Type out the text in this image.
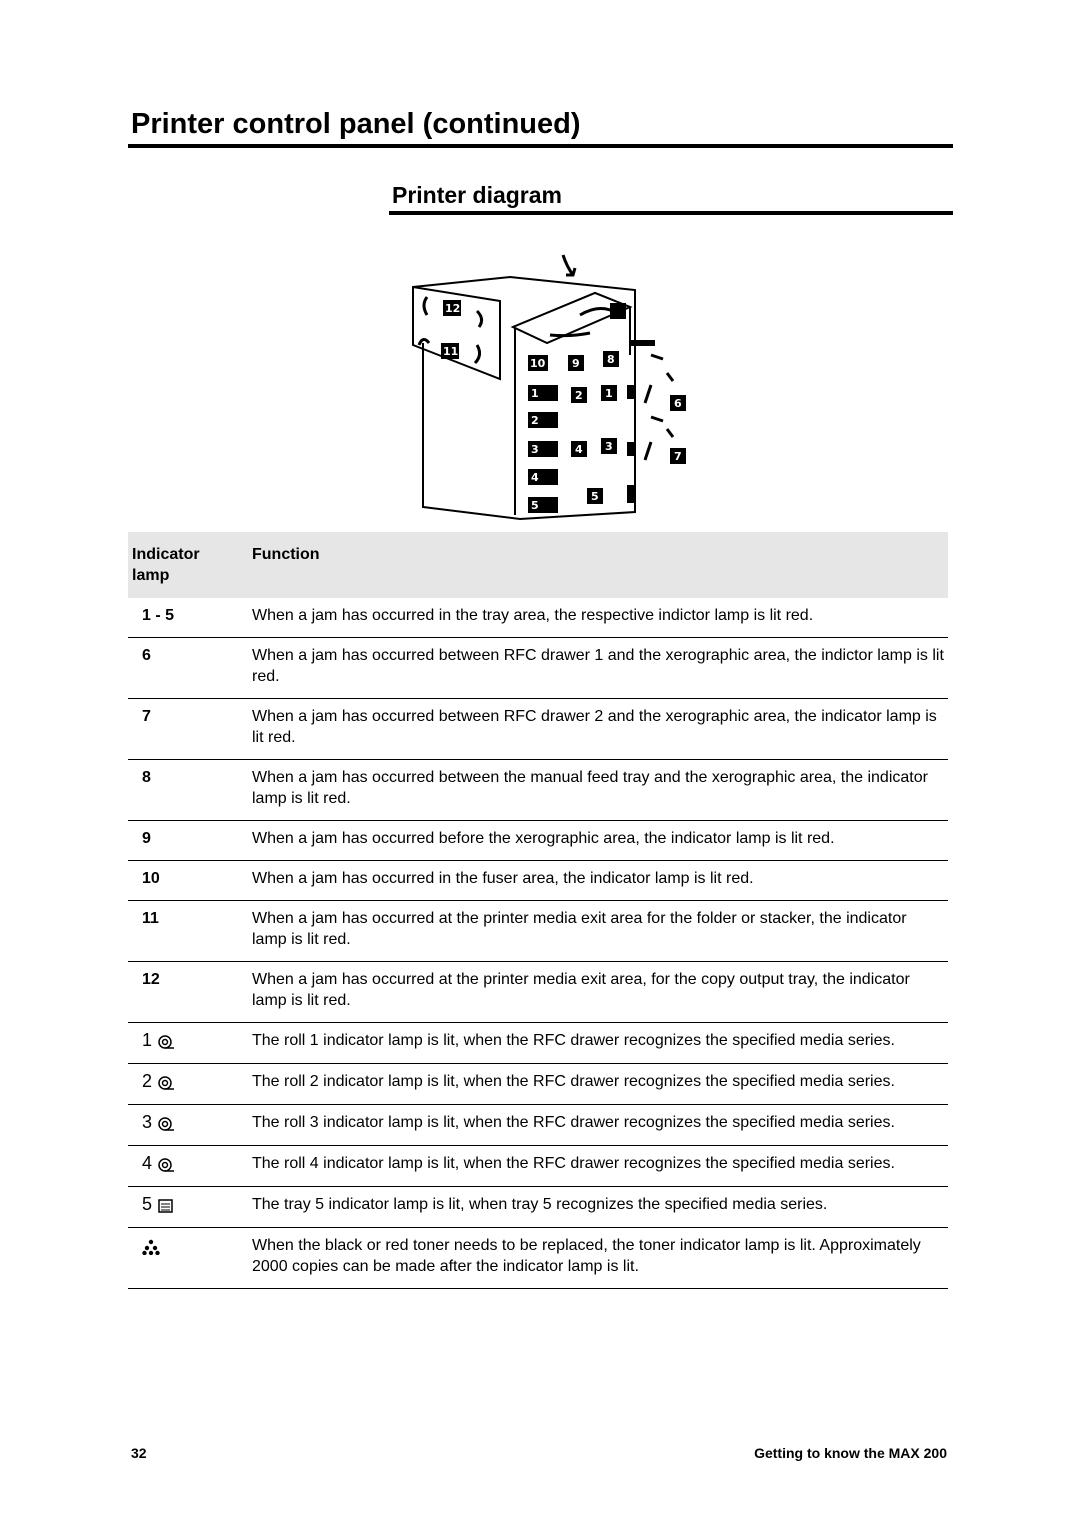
Printer control panel (continued)
Printer diagram
12
11
10 9 8
1	2
2
3	4 3
4
5
5
1
6
7
Indicator
lamp	Function
1 - 5	When a jam has occurred in the tray area, the respective indictor lamp is lit red.
6	When a jam has occurred between RFC drawer 1 and the xerographic area, the indictor lamp is lit red.
7	When a jam has occurred between RFC drawer 2 and the xerographic area, the indicator lamp is lit red.
8	When a jam has occurred between the manual feed tray and the xerographic area, the indicator lamp is lit red.
9	When a jam has occurred before the xerographic area, the indicator lamp is lit red.
10	When a jam has occurred in the fuser area, the indicator lamp is lit red.
11	When a jam has occurred at the printer media exit area for the folder or stacker, the indicator lamp is lit red.
12	When a jam has occurred at the printer media exit area, for the copy output tray, the indicator lamp is lit red.
1	The roll 1 indicator lamp is lit, when the RFC drawer recognizes the specified media series.
2	The roll 2 indicator lamp is lit, when the RFC drawer recognizes the specified media series.
3	The roll 3 indicator lamp is lit, when the RFC drawer recognizes the specified media series.
4	The roll 4 indicator lamp is lit, when the RFC drawer recognizes the specified media series.
5	The tray 5 indicator lamp is lit, when tray 5 recognizes the specified media series.
	When the black or red toner needs to be replaced, the toner indicator lamp is lit. Approximately 2000 copies can be made after the indicator lamp is lit.
32	Getting to know the MAX 200
